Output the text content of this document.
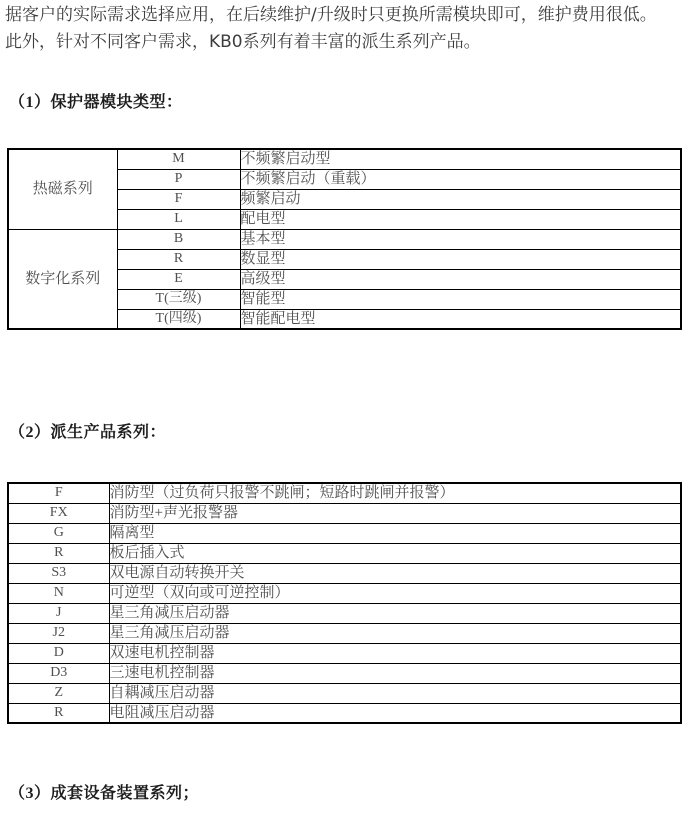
据客户的实际需求选择应用，在后续维护/升级时只更换所需模块即可，维护费用很低。
此外，针对不同客户需求，KB0系列有着丰富的派生系列产品。
（1）保护器模块类型：
热磁系列	M	不频繁启动型
	P	不频繁启动（重载）
	F	频繁启动
	L	配电型
数字化系列	B	基本型
	R	数显型
	E	高级型
	T(三级)	智能型
	T(四级)	智能配电型
（2）派生产品系列：
F	消防型（过负荷只报警不跳闸；短路时跳闸并报警）
FX	消防型+声光报警器
G	隔离型
R	板后插入式
S3	双电源自动转换开关
N	可逆型（双向或可逆控制）
J	星三角减压启动器
J2	星三角减压启动器
D	双速电机控制器
D3	三速电机控制器
Z	自耦减压启动器
R	电阻减压启动器
（3）成套设备装置系列；
